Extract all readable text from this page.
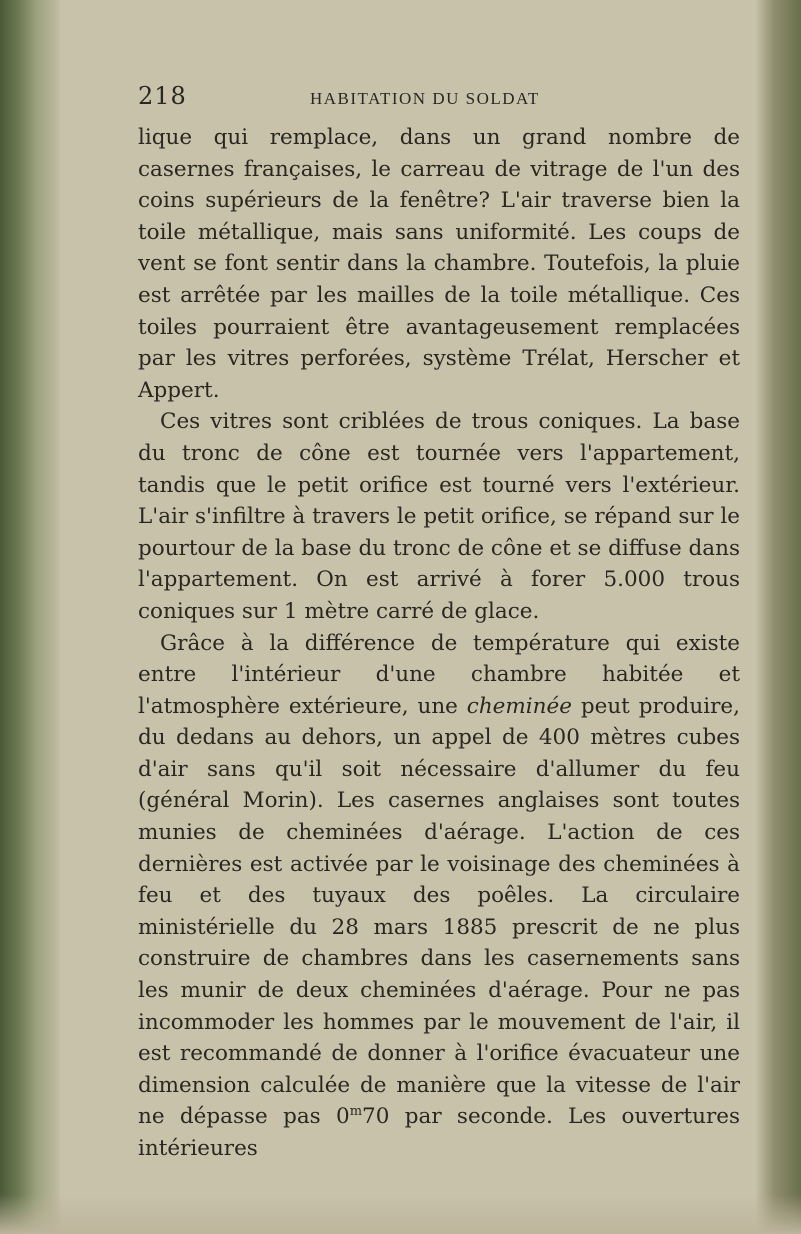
218	HABITATION DU SOLDAT

lique qui remplace, dans un grand nombre de casernes françaises, le carreau de vitrage de l'un des coins supérieurs de la fenêtre? L'air traverse bien la toile métallique, mais sans uniformité. Les coups de vent se font sentir dans la chambre. Toutefois, la pluie est arrêtée par les mailles de la toile métallique. Ces toiles pourraient être avantageusement remplacées par les vitres perforées, système Trélat, Herscher et Appert.

Ces vitres sont criblées de trous coniques. La base du tronc de cône est tournée vers l'appartement, tandis que le petit orifice est tourné vers l'extérieur. L'air s'infiltre à travers le petit orifice, se répand sur le pourtour de la base du tronc de cône et se diffuse dans l'appartement. On est arrivé à forer 5.000 trous coniques sur 1 mètre carré de glace.

Grâce à la différence de température qui existe entre l'intérieur d'une chambre habitée et l'atmosphère extérieure, une cheminée peut produire, du dedans au dehors, un appel de 400 mètres cubes d'air sans qu'il soit nécessaire d'allumer du feu (général Morin). Les casernes anglaises sont toutes munies de cheminées d'aérage. L'action de ces dernières est activée par le voisinage des cheminées à feu et des tuyaux des poêles. La circulaire ministérielle du 28 mars 1885 prescrit de ne plus construire de chambres dans les casernements sans les munir de deux cheminées d'aérage. Pour ne pas incommoder les hommes par le mouvement de l'air, il est recommandé de donner à l'orifice évacuateur une dimension calculée de manière que la vitesse de l'air ne dépasse pas 0$^m$70 par seconde. Les ouvertures intérieures
